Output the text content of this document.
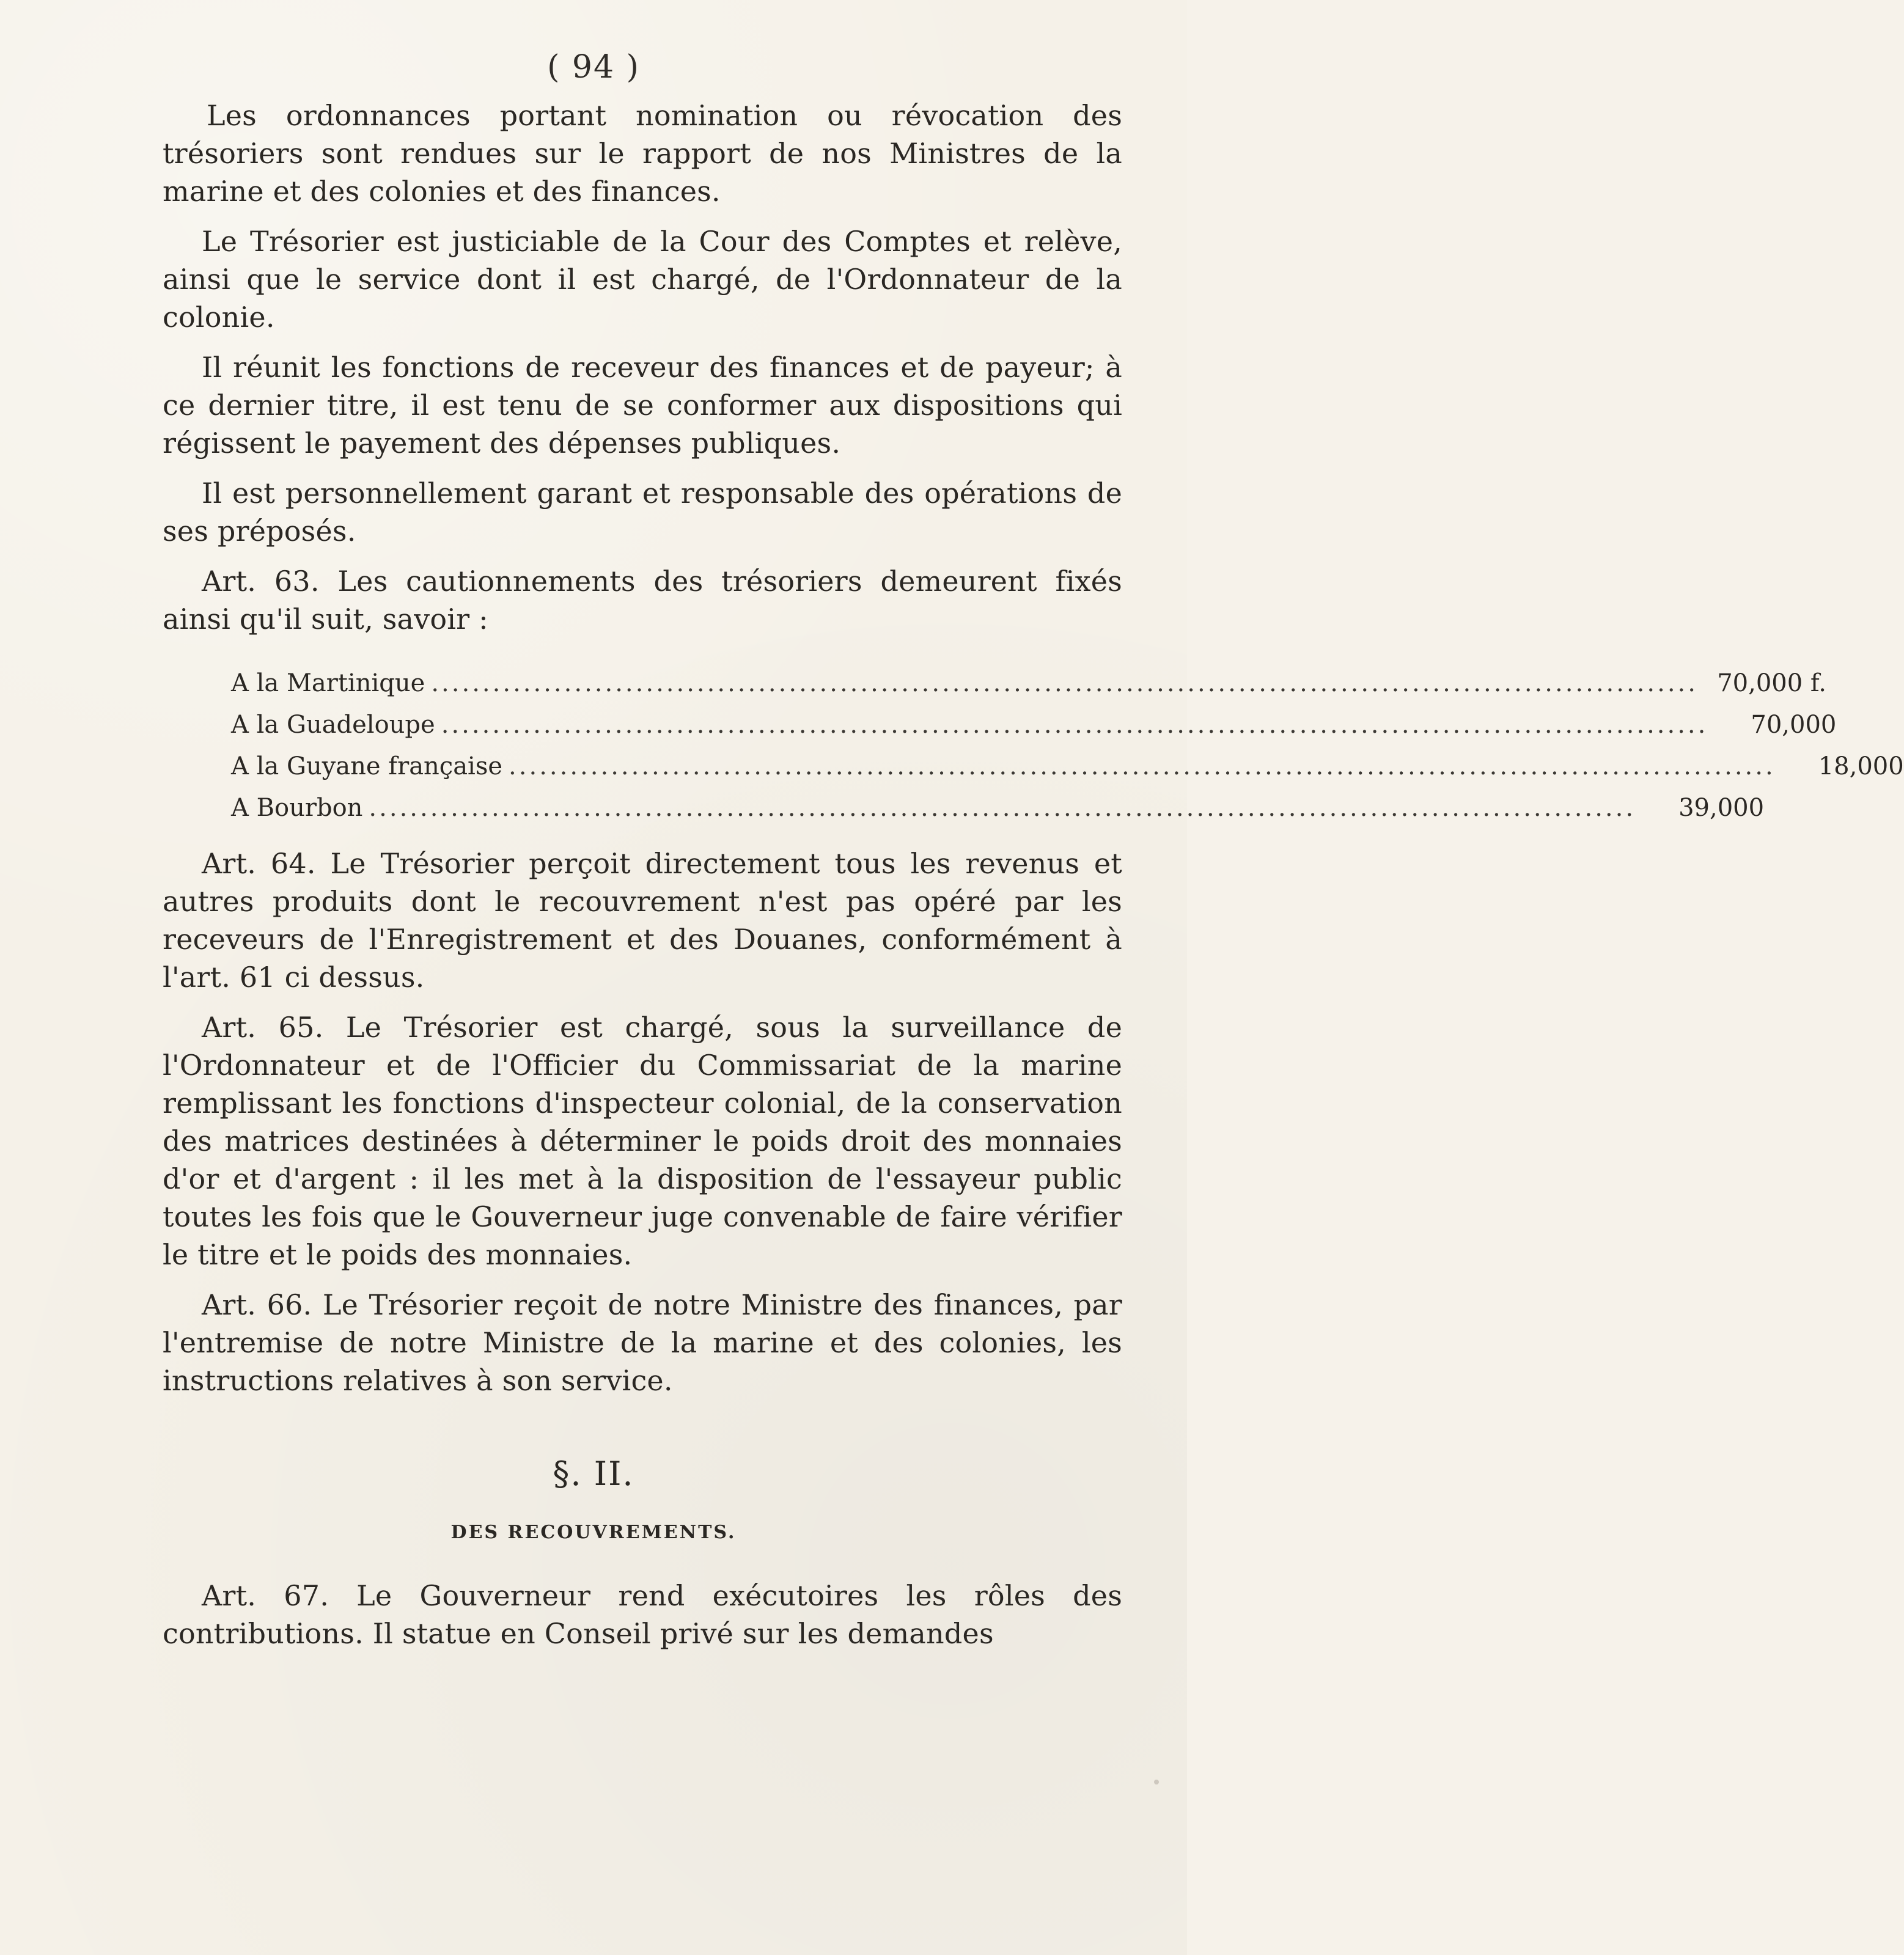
( 94 )

Les ordonnances portant nomination ou révocation des trésoriers sont rendues sur le rapport de nos Ministres de la marine et des colonies et des finances.

Le Trésorier est justiciable de la Cour des Comptes et relève, ainsi que le service dont il est chargé, de l'Ordonnateur de la colonie.

Il réunit les fonctions de receveur des finances et de payeur; à ce dernier titre, il est tenu de se conformer aux dispositions qui régissent le payement des dépenses publiques.

Il est personnellement garant et responsable des opérations de ses préposés.

Art. 63. Les cautionnements des trésoriers demeurent fixés ainsi qu'il suit, savoir :

A la Martinique ............................................................................................................................ 70,000 f.
A la Guadeloupe ............................................................................................................................	70,000
A la Guyane française ............................................................................................................................	18,000
A Bourbon ............................................................................................................................	39,000

Art. 64. Le Trésorier perçoit directement tous les revenus et autres produits dont le recouvrement n'est pas opéré par les receveurs de l'Enregistrement et des Douanes, conformément à l'art. 61 ci dessus.

Art. 65. Le Trésorier est chargé, sous la surveillance de l'Ordonnateur et de l'Officier du Commissariat de la marine remplissant les fonctions d'inspecteur colonial, de la conservation des matrices destinées à déterminer le poids droit des monnaies d'or et d'argent : il les met à la disposition de l'essayeur public toutes les fois que le Gouverneur juge convenable de faire vérifier le titre et le poids des monnaies.

Art. 66. Le Trésorier reçoit de notre Ministre des finances, par l'entremise de notre Ministre de la marine et des colonies, les instructions relatives à son service.

§. II.
DES RECOUVREMENTS.

Art. 67. Le Gouverneur rend exécutoires les rôles des contributions. Il statue en Conseil privé sur les demandes
